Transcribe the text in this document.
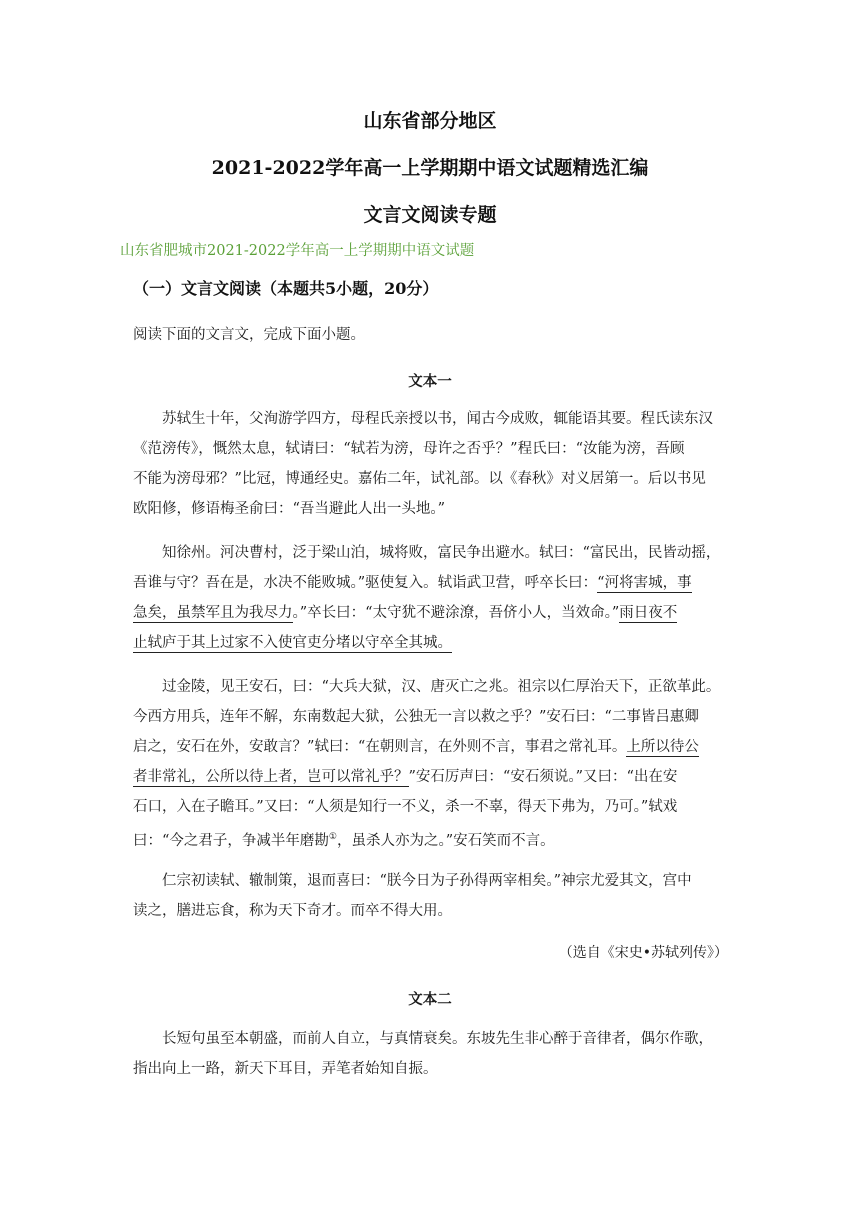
山东省部分地区
2021-2022学年高一上学期期中语文试题精选汇编
文言文阅读专题
山东省肥城市2021-2022学年高一上学期期中语文试题
（一）文言文阅读（本题共5小题，20分）
阅读下面的文言文，完成下面小题。
文本一
苏轼生十年，父洵游学四方，母程氏亲授以书，闻古今成败，辄能语其要。程氏读东汉
《范滂传》，慨然太息，轼请曰：“轼若为滂，母许之否乎？”程氏曰：“汝能为滂，吾顾
不能为滂母邪？”比冠，博通经史。嘉佑二年，试礼部。以《春秋》对义居第一。后以书见
欧阳修，修语梅圣俞曰：“吾当避此人出一头地。”
知徐州。河决曹村，泛于梁山泊，城将败，富民争出避水。轼曰：“富民出，民皆动摇，
吾谁与守？吾在是，水决不能败城。”驱使复入。轼诣武卫营，呼卒长曰：“河将害城，事
急矣，虽禁军且为我尽力。”卒长曰：“太守犹不避涂潦，吾侪小人，当效命。”雨日夜不
止轼庐于其上过家不入使官吏分堵以守卒全其城。
过金陵，见王安石，曰：“大兵大狱，汉、唐灭亡之兆。祖宗以仁厚治天下，正欲革此。
今西方用兵，连年不解，东南数起大狱，公独无一言以救之乎？”安石曰：“二事皆吕惠卿
启之，安石在外，安敢言？”轼曰：“在朝则言，在外则不言，事君之常礼耳。上所以待公
者非常礼，公所以待上者，岂可以常礼乎？”安石厉声曰：“安石须说。”又曰：“出在安
石口，入在子瞻耳。”又曰：“人须是知行一不义，杀一不辜，得天下弗为，乃可。”轼戏
曰：“今之君子，争减半年磨勘①，虽杀人亦为之。”安石笑而不言。
仁宗初读轼、辙制策，退而喜曰：“朕今日为子孙得两宰相矣。”神宗尤爱其文，宫中
读之，膳进忘食，称为天下奇才。而卒不得大用。
（选自《宋史•苏轼列传》）
文本二
长短句虽至本朝盛，而前人自立，与真情衰矣。东坡先生非心醉于音律者，偶尔作歌，
指出向上一路，新天下耳目，弄笔者始知自振。
